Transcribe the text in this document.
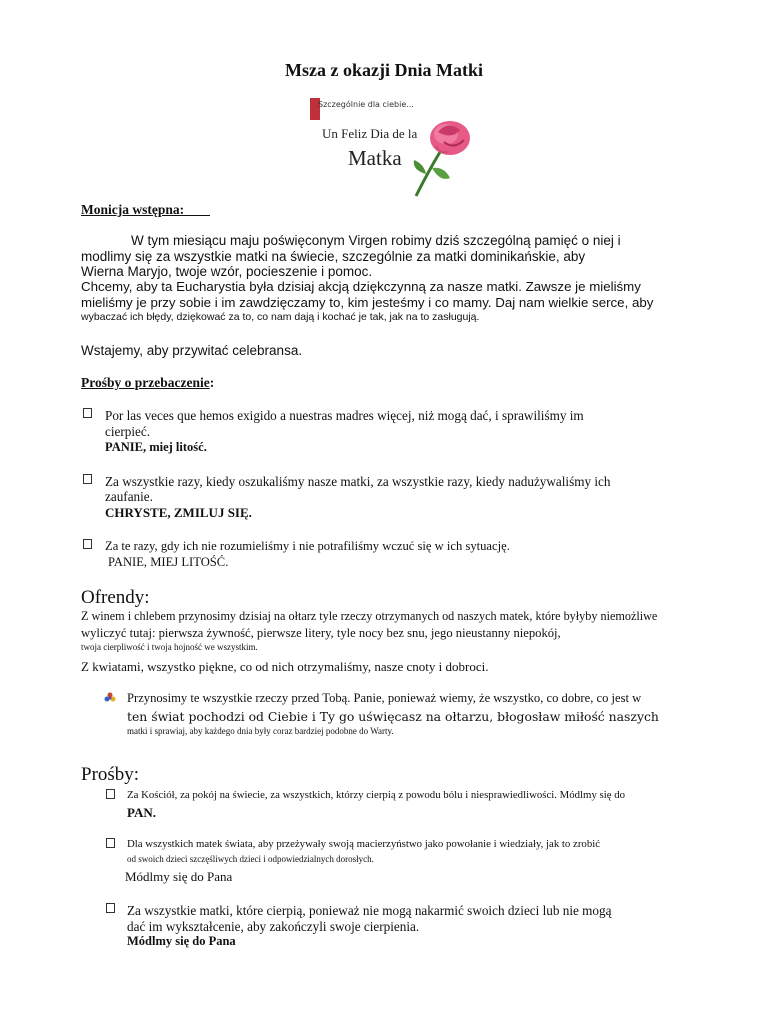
Msza z okazji Dnia Matki
Szczególnie dla ciebie...
Un Feliz Dia de la
Matka
Monicja wstępna:
W tym miesiącu maju poświęconym Virgen robimy dziś szczególną pamięć o niej i
modlimy się za wszystkie matki na świecie, szczególnie za matki dominikańskie, aby
Wierna Maryjo, twoje wzór, pocieszenie i pomoc.
Chcemy, aby ta Eucharystia była dzisiaj akcją dziękczynną za nasze matki. Zawsze je mieliśmy
mieliśmy je przy sobie i im zawdzięczamy to, kim jesteśmy i co mamy. Daj nam wielkie serce, aby
wybaczać ich błędy, dziękować za to, co nam dają i kochać je tak, jak na to zasługują.
Wstajemy, aby przywitać celebransa.
Prośby o przebaczenie:
Por las veces que hemos exigido a nuestras madres więcej, niż mogą dać, i sprawiliśmy im
cierpieć.
PANIE, miej litość.
Za wszystkie razy, kiedy oszukaliśmy nasze matki, za wszystkie razy, kiedy nadużywaliśmy ich
zaufanie.
CHRYSTE, ZMILUJ SIĘ.
Za te razy, gdy ich nie rozumieliśmy i nie potrafiliśmy wczuć się w ich sytuację.
PANIE, MIEJ LITOŚĆ.
Ofrendy:
Z winem i chlebem przynosimy dzisiaj na ołtarz tyle rzeczy otrzymanych od naszych matek, które byłyby niemożliwe
wyliczyć tutaj: pierwsza żywność, pierwsze litery, tyle nocy bez snu, jego nieustanny niepokój,
twoja cierpliwość i twoja hojność we wszystkim.
Z kwiatami, wszystko piękne, co od nich otrzymaliśmy, nasze cnoty i dobroci.
Przynosimy te wszystkie rzeczy przed Tobą. Panie, ponieważ wiemy, że wszystko, co dobre, co jest w
ten świat pochodzi od Ciebie i Ty go uświęcasz na ołtarzu, błogosław miłość naszych
matki i sprawiaj, aby każdego dnia były coraz bardziej podobne do Warty.
Prośby:
Za Kościół, za pokój na świecie, za wszystkich, którzy cierpią z powodu bólu i niesprawiedliwości. Módlmy się do
PAN.
Dla wszystkich matek świata, aby przeżywały swoją macierzyństwo jako powołanie i wiedziały, jak to zrobić
od swoich dzieci szczęśliwych dzieci i odpowiedzialnych dorosłych.
Módlmy się do Pana
Za wszystkie matki, które cierpią, ponieważ nie mogą nakarmić swoich dzieci lub nie mogą
dać im wykształcenie, aby zakończyli swoje cierpienia.
Módlmy się do Pana
